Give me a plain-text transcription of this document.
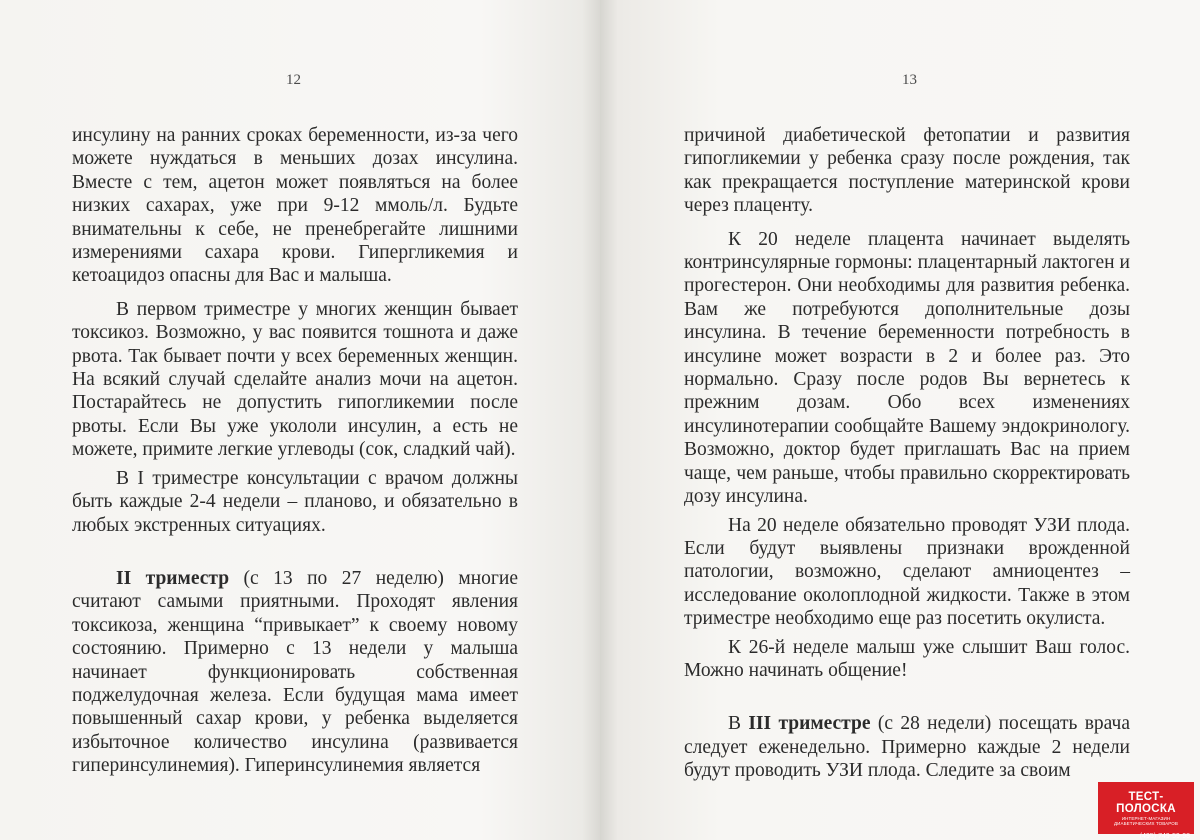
12

инсулину на ранних сроках беременности, из-за чего можете нуждаться в меньших дозах инсулина. Вместе с тем, ацетон может появляться на более низких сахарах, уже при 9-12 ммоль/л. Будьте внимательны к себе, не пренебрегайте лишними измерениями сахара крови. Гипергликемия и кетоацидоз опасны для Вас и малыша.

В первом триместре у многих женщин бывает токсикоз. Возможно, у вас появится тошнота и даже рвота. Так бывает почти у всех беременных женщин. На всякий случай сделайте анализ мочи на ацетон. Постарайтесь не допустить гипогликемии после рвоты. Если Вы уже укололи инсулин, а есть не можете, примите легкие углеводы (сок, сладкий чай).

В I триместре консультации с врачом должны быть каждые 2-4 недели – планово, и обязательно в любых экстренных ситуациях.

II триместр (с 13 по 27 неделю) многие считают самыми приятными. Проходят явления токсикоза, женщина “привыкает” к своему новому состоянию. Примерно с 13 недели у малыша начинает функционировать собственная поджелудочная железа. Если будущая мама имеет повышенный сахар крови, у ребенка выделяется избыточное количество инсулина (развивается гиперинсулинемия). Гиперинсулинемия является

13

причиной диабетической фетопатии и развития гипогликемии у ребенка сразу после рождения, так как прекращается поступление материнской крови через плаценту.

К 20 неделе плацента начинает выделять контринсулярные гормоны: плацентарный лактоген и прогестерон. Они необходимы для развития ребенка. Вам же потребуются дополнительные дозы инсулина. В течение беременности потребность в инсулине может возрасти в 2 и более раз. Это нормально. Сразу после родов Вы вернетесь к прежним дозам. Обо всех изменениях инсулинотерапии сообщайте Вашему эндокринологу. Возможно, доктор будет приглашать Вас на прием чаще, чем раньше, чтобы правильно скорректировать дозу инсулина.

На 20 неделе обязательно проводят УЗИ плода. Если будут выявлены признаки врожденной патологии, возможно, сделают амниоцентез – исследование околоплодной жидкости. Также в этом триместре необходимо еще раз посетить окулиста.

К 26-й неделе малыш уже слышит Ваш голос. Можно начинать общение!

В III триместре (с 28 недели) посещать врача следует еженедельно. Примерно каждые 2 недели будут проводить УЗИ плода. Следите за своим

ТЕСТ-ПОЛОСКА
ИНТЕРНЕТ-МАГАЗИН ДИАБЕТИЧЕСКИХ ТОВАРОВ
(495) 749-59-98
